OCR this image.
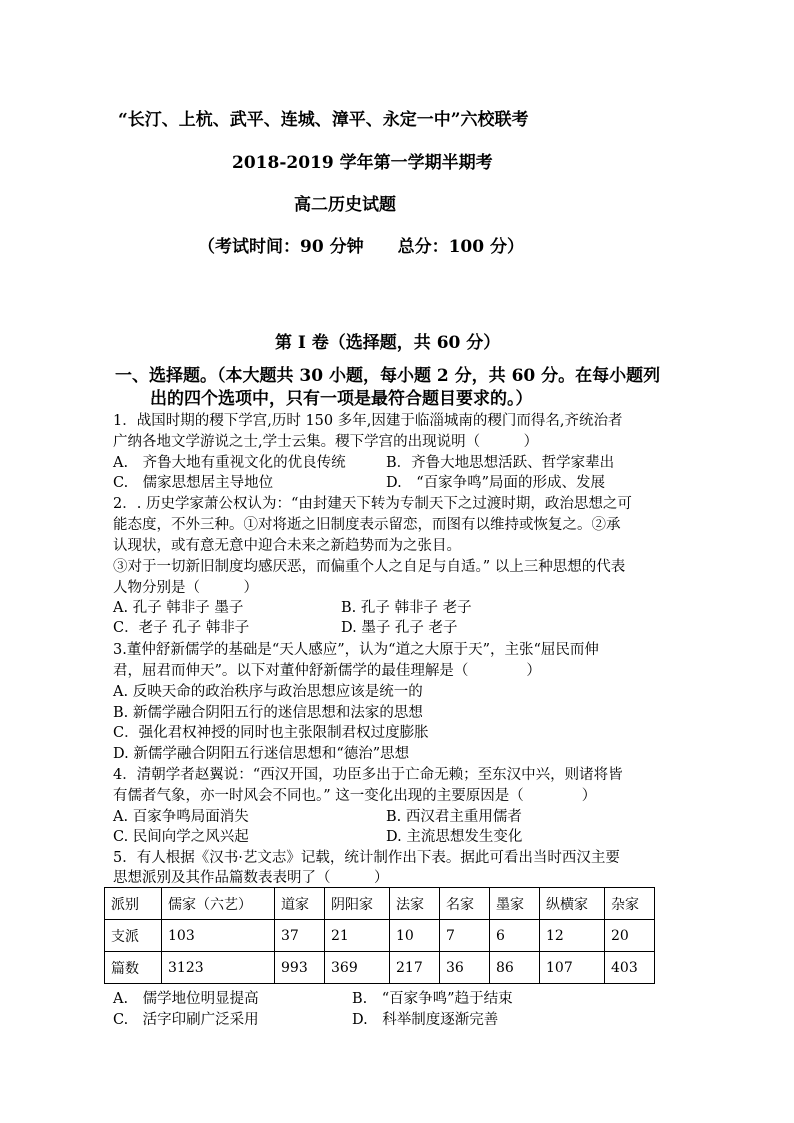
“长汀、上杭、武平、连城、漳平、永定一中”六校联考
2018-2019 学年第一学期半期考
高二历史试题
（考试时间：90 分钟　　总分：100 分）
第 I 卷（选择题，共 60 分）
一、选择题。（本大题共 30 小题，每小题 2 分，共 60 分。在每小题列
出的四个选项中，只有一项是最符合题目要求的。）
1．战国时期的稷下学宫,历时 150 多年,因建于临淄城南的稷门而得名,齐统治者
广纳各地文学游说之士,学士云集。稷下学宫的出现说明（　　　）
A.　齐鲁大地有重视文化的优良传统	B．齐鲁大地思想活跃、哲学家辈出
C.　儒家思想居主导地位	D.　“百家争鸣”局面的形成、发展
2．. 历史学家萧公权认为：“由封建天下转为专制天下之过渡时期，政治思想之可
能态度，不外三种。①对将逝之旧制度表示留恋，而图有以维持或恢复之。②承
认现状，或有意无意中迎合未来之新趋势而为之张目。
③对于一切新旧制度均感厌恶，而偏重个人之自足与自适。” 以上三种思想的代表
人物分别是（　　　）
A. 孔子 韩非子 墨子	B. 孔子 韩非子 老子
C．老子 孔子 韩非子	D. 墨子 孔子 老子
3.董仲舒新儒学的基础是“天人感应”，认为“道之大原于天”，主张“屈民而伸
君，屈君而伸天”。以下对董仲舒新儒学的最佳理解是（　　　　）
A. 反映天命的政治秩序与政治思想应该是统一的
B. 新儒学融合阴阳五行的迷信思想和法家的思想
C．强化君权神授的同时也主张限制君权过度膨胀
D. 新儒学融合阴阳五行迷信思想和“德治”思想
4．清朝学者赵翼说：“西汉开国，功臣多出于亡命无赖；至东汉中兴，则诸将皆
有儒者气象，亦一时风会不同也。” 这一变化出现的主要原因是（　　　　）
A. 百家争鸣局面消失	B. 西汉君主重用儒者
C. 民间向学之风兴起	D. 主流思想发生变化
5．有人根据《汉书·艺文志》记载，统计制作出下表。据此可看出当时西汉主要
思想派别及其作品篇数表表明了（　　　）
派别	儒家（六艺）	道家	阴阳家	法家	名家	墨家	纵横家	杂家
支派	103	37	21	10	7	6	12	20
篇数	3123	993	369	217	36	86	107	403
A.　儒学地位明显提高	B.　“百家争鸣”趋于结束
C.　活字印刷广泛采用	D.　科举制度逐渐完善
